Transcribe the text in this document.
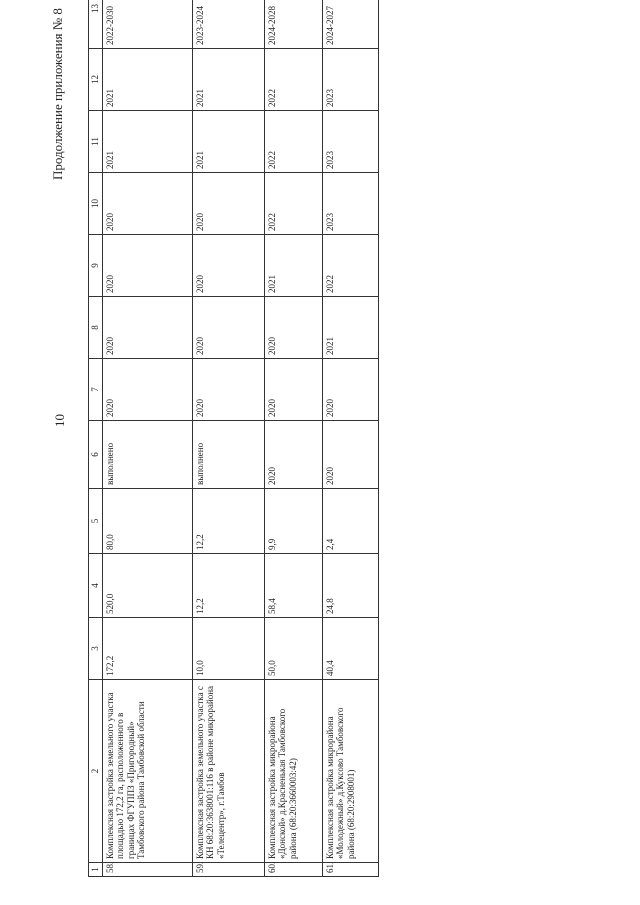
10
Продолжение приложения № 8
1	2	3	4	5	6	7	8	9	10	11	12	13
58.	Комплексная застройка земельного участка площадью 172,2 га, расположенного в границах ФГУППЗ «Пригородный» Тамбовского района Тамбовской области	172,2	520,0	80,0	выполнено	2020	2020	2020	2020	2021	2021	2022-2030
59.	Комплексная застройка земельного участка с КН 68:20:3638001:116 в районе микрорайона «Телецентр», г.Тамбов	10,0	12,2	12,2	выполнено	2020	2020	2020	2020	2021	2021	2023-2024
60.	Комплексная застройка микрорайона «Донской» д.Красненькая Тамбовского района (68:20:3660003:42)	50,0	58,4	9,9	2020	2020	2020	2021	2022	2022	2022	2024-2028
61.	Комплексная застройка микрорайона «Молодежный» д.Куксово Тамбовского района (68:20:2908001)	40,4	24,8	2,4	2020	2020	2021	2022	2023	2023	2023	2024-2027
